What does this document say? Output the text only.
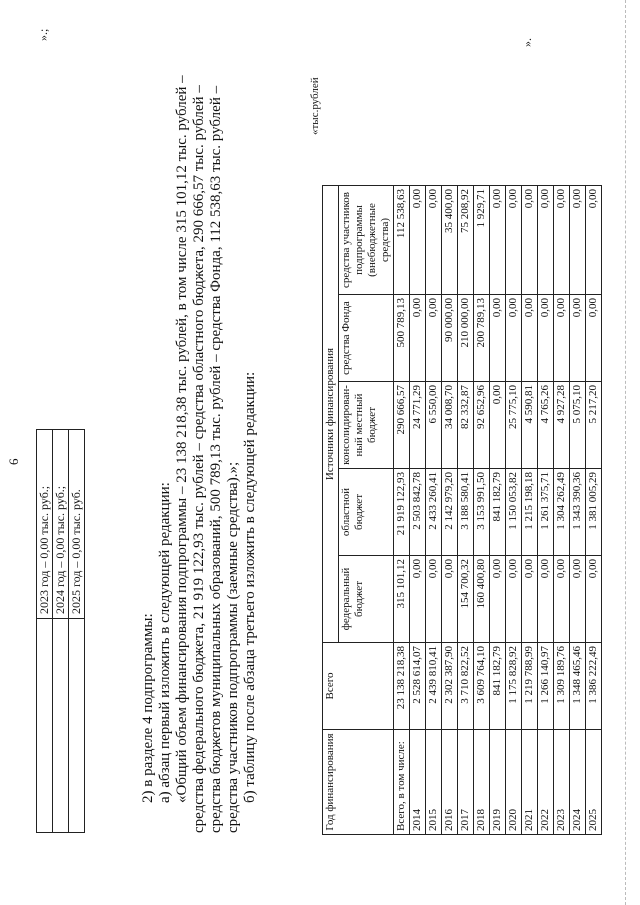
6
	2023 год – 0,00 тыс. руб.;
	2024 год – 0,00 тыс. руб.;
	2025 год – 0,00 тыс. руб.
».;

2) в разделе 4 подпрограммы: а) абзац первый изложить в следующей редакции: «Общий объем финансирования подпрограммы – 23 138 218,38 тыс. рублей, в том числе 315 101,12 тыс. рублей – средства федерального бюджета, 21 919 122,93 тыс. рублей – средства областного бюджета, 290 666,57 тыс. рублей – средства бюджетов муниципальных образований, 500 789,13 тыс. рублей – средства Фонда, 112 538,63 тыс. рублей – средства участников подпрограммы (заемные средства).»; б) таблицу после абзаца третьего изложить в следующей редакции:

«тыс.рублей
Год финансирования	Всего	Источники финансирования				
		федеральный бюджет	областной бюджет	консолидирован-ный местный бюджет	средства Фонда	средства участников подпрограммы (внебюджетные средства)
Всего, в том числе:	23 138 218,38	315 101,12	21 919 122,93	290 666,57	500 789,13	112 538,63
2014	2 528 614,07	0,00	2 503 842,78	24 771,29	0,00	0,00
2015	2 439 810,41	0,00	2 433 260,41	6 550,00	0,00	0,00
2016	2 302 387,90	0,00	2 142 979,20	34 008,70	90 000,00	35 400,00
2017	3 710 822,52	154 700,32	3 188 580,41	82 332,87	210 000,00	75 208,92
2018	3 609 764,10	160 400,80	3 153 991,50	92 652,96	200 789,13	1 929,71
2019	841 182,79	0,00	841 182,79	0,00	0,00	0,00
2020	1 175 828,92	0,00	1 150 053,82	25 775,10	0,00	0,00
2021	1 219 788,99	0,00	1 215 198,18	4 590,81	0,00	0,00
2022	1 266 140,97	0,00	1 261 375,71	4 765,26	0,00	0,00
2023	1 309 189,76	0,00	1 304 262,49	4 927,28	0,00	0,00
2024	1 348 465,46	0,00	1 343 390,36	5 075,10	0,00	0,00
2025	1 386 222,49	0,00	1 381 005,29	5 217,20	0,00	0,00
».
